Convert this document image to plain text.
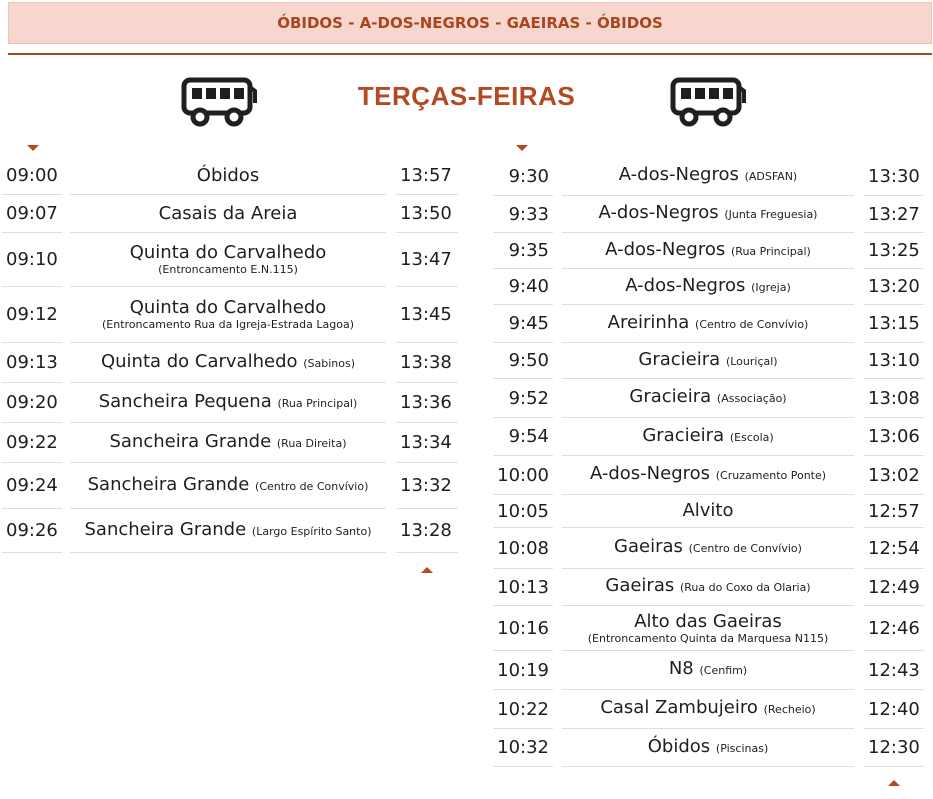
ÓBIDOS - A-DOS-NEGROS - GAEIRAS - ÓBIDOS
TERÇAS-FEIRAS
09:00	Óbidos	13:57
09:07	Casais da Areia	13:50
09:10	Quinta do Carvalhedo
(Entroncamento E.N.115)	13:47
09:12	Quinta do Carvalhedo
(Entroncamento Rua da Igreja-Estrada Lagoa)	13:45
09:13 Quinta do Carvalhedo (Sabinos) 13:38
09:20 Sancheira Pequena (Rua Principal) 13:36
09:22	Sancheira Grande (Rua Direita)	13:34
09:24 Sancheira Grande (Centro de Convívio) 13:32
09:26 Sancheira Grande (Largo Espírito Santo) 13:28
9:30	A-dos-Negros (ADSFAN)	13:30
9:33	A-dos-Negros (Junta Freguesia)	13:27
9:35	A-dos-Negros (Rua Principal)	13:25
9:40	A-dos-Negros (Igreja)	13:20
9:45	Areirinha (Centro de Convívio)	13:15
9:50	Gracieira (Louriçal)	13:10
9:52	Gracieira (Associação)	13:08
9:54	Gracieira (Escola)	13:06
10:00 A-dos-Negros (Cruzamento Ponte) 13:02
10:05	Alvito	12:57
10:08	Gaeiras (Centro de Convívio)	12:54
10:13	Gaeiras (Rua do Coxo da Olaria)	12:49
10:16	Alto das Gaeiras
(Entroncamento Quinta da Marquesa N115) 12:46
10:19	N8 (Cenfim)	12:43
10:22	Casal Zambujeiro (Recheio)	12:40
10:32	Óbidos (Piscinas)	12:30
